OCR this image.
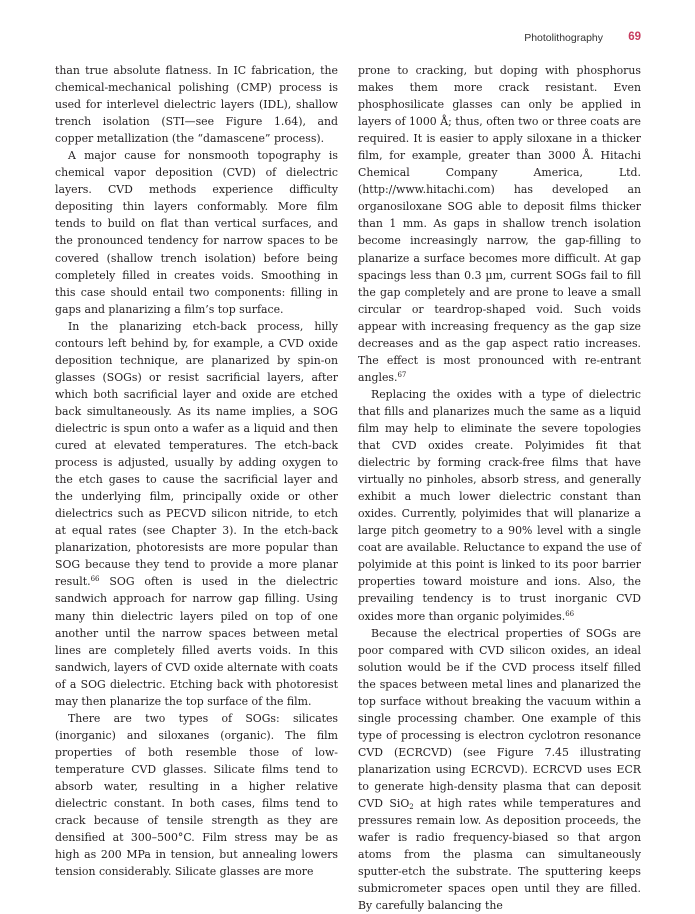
Photolithography 69

than true absolute flatness. In IC fabrication, the chemical-mechanical polishing (CMP) process is used for interlevel dielectric layers (IDL), shallow trench isolation (STI—see Figure 1.64), and copper metallization (the “damascene” process).

A major cause for nonsmooth topography is chemical vapor deposition (CVD) of dielectric layers. CVD methods experience difficulty depositing thin layers conformably. More film tends to build on flat than vertical surfaces, and the pronounced tendency for narrow spaces to be covered (shallow trench isolation) before being completely filled in creates voids. Smoothing in this case should entail two components: filling in gaps and planarizing a film’s top surface.

In the planarizing etch-back process, hilly contours left behind by, for example, a CVD oxide deposition technique, are planarized by spin-on glasses (SOGs) or resist sacrificial layers, after which both sacrificial layer and oxide are etched back simultaneously. As its name implies, a SOG dielectric is spun onto a wafer as a liquid and then cured at elevated temperatures. The etch-back process is adjusted, usually by adding oxygen to the etch gases to cause the sacrificial layer and the underlying film, principally oxide or other dielectrics such as PECVD silicon nitride, to etch at equal rates (see Chapter 3). In the etch-back planarization, photoresists are more popular than SOG because they tend to provide a more planar result.$^{66}$ SOG often is used in the dielectric sandwich approach for narrow gap filling. Using many thin dielectric layers piled on top of one another until the narrow spaces between metal lines are completely filled averts voids. In this sandwich, layers of CVD oxide alternate with coats of a SOG dielectric. Etching back with photoresist may then planarize the top surface of the film.

There are two types of SOGs: silicates (inorganic) and siloxanes (organic). The film properties of both resemble those of low-temperature CVD glasses. Silicate films tend to absorb water, resulting in a higher relative dielectric constant. In both cases, films tend to crack because of tensile strength as they are densified at 300–500°C. Film stress may be as high as 200 MPa in tension, but annealing lowers tension considerably. Silicate glasses are more

prone to cracking, but doping with phosphorus makes them more crack resistant. Even phosphosilicate glasses can only be applied in layers of 1000 Å; thus, often two or three coats are required. It is easier to apply siloxane in a thicker film, for example, greater than 3000 Å. Hitachi Chemical Company America, Ltd. (http://www.hitachi.com) has developed an organosiloxane SOG able to deposit films thicker than 1 mm. As gaps in shallow trench isolation become increasingly narrow, the gap-filling to planarize a surface becomes more difficult. At gap spacings less than 0.3 µm, current SOGs fail to fill the gap completely and are prone to leave a small circular or teardrop-shaped void. Such voids appear with increasing frequency as the gap size decreases and as the gap aspect ratio increases. The effect is most pronounced with re-entrant angles.$^{67}$

Replacing the oxides with a type of dielectric that fills and planarizes much the same as a liquid film may help to eliminate the severe topologies that CVD oxides create. Polyimides fit that dielectric by forming crack-free films that have virtually no pinholes, absorb stress, and generally exhibit a much lower dielectric constant than oxides. Currently, polyimides that will planarize a large pitch geometry to a 90% level with a single coat are available. Reluctance to expand the use of polyimide at this point is linked to its poor barrier properties toward moisture and ions. Also, the prevailing tendency is to trust inorganic CVD oxides more than organic polyimides.$^{66}$

Because the electrical properties of SOGs are poor compared with CVD silicon oxides, an ideal solution would be if the CVD process itself filled the spaces between metal lines and planarized the top surface without breaking the vacuum within a single processing chamber. One example of this type of processing is electron cyclotron resonance CVD (ECRCVD) (see Figure 7.45 illustrating planarization using ECRCVD). ECRCVD uses ECR to generate high-density plasma that can deposit CVD SiO$_2$ at high rates while temperatures and pressures remain low. As deposition proceeds, the wafer is radio frequency-biased so that argon atoms from the plasma can simultaneously sputter-etch the substrate. The sputtering keeps submicrometer spaces open until they are filled. By carefully balancing the
